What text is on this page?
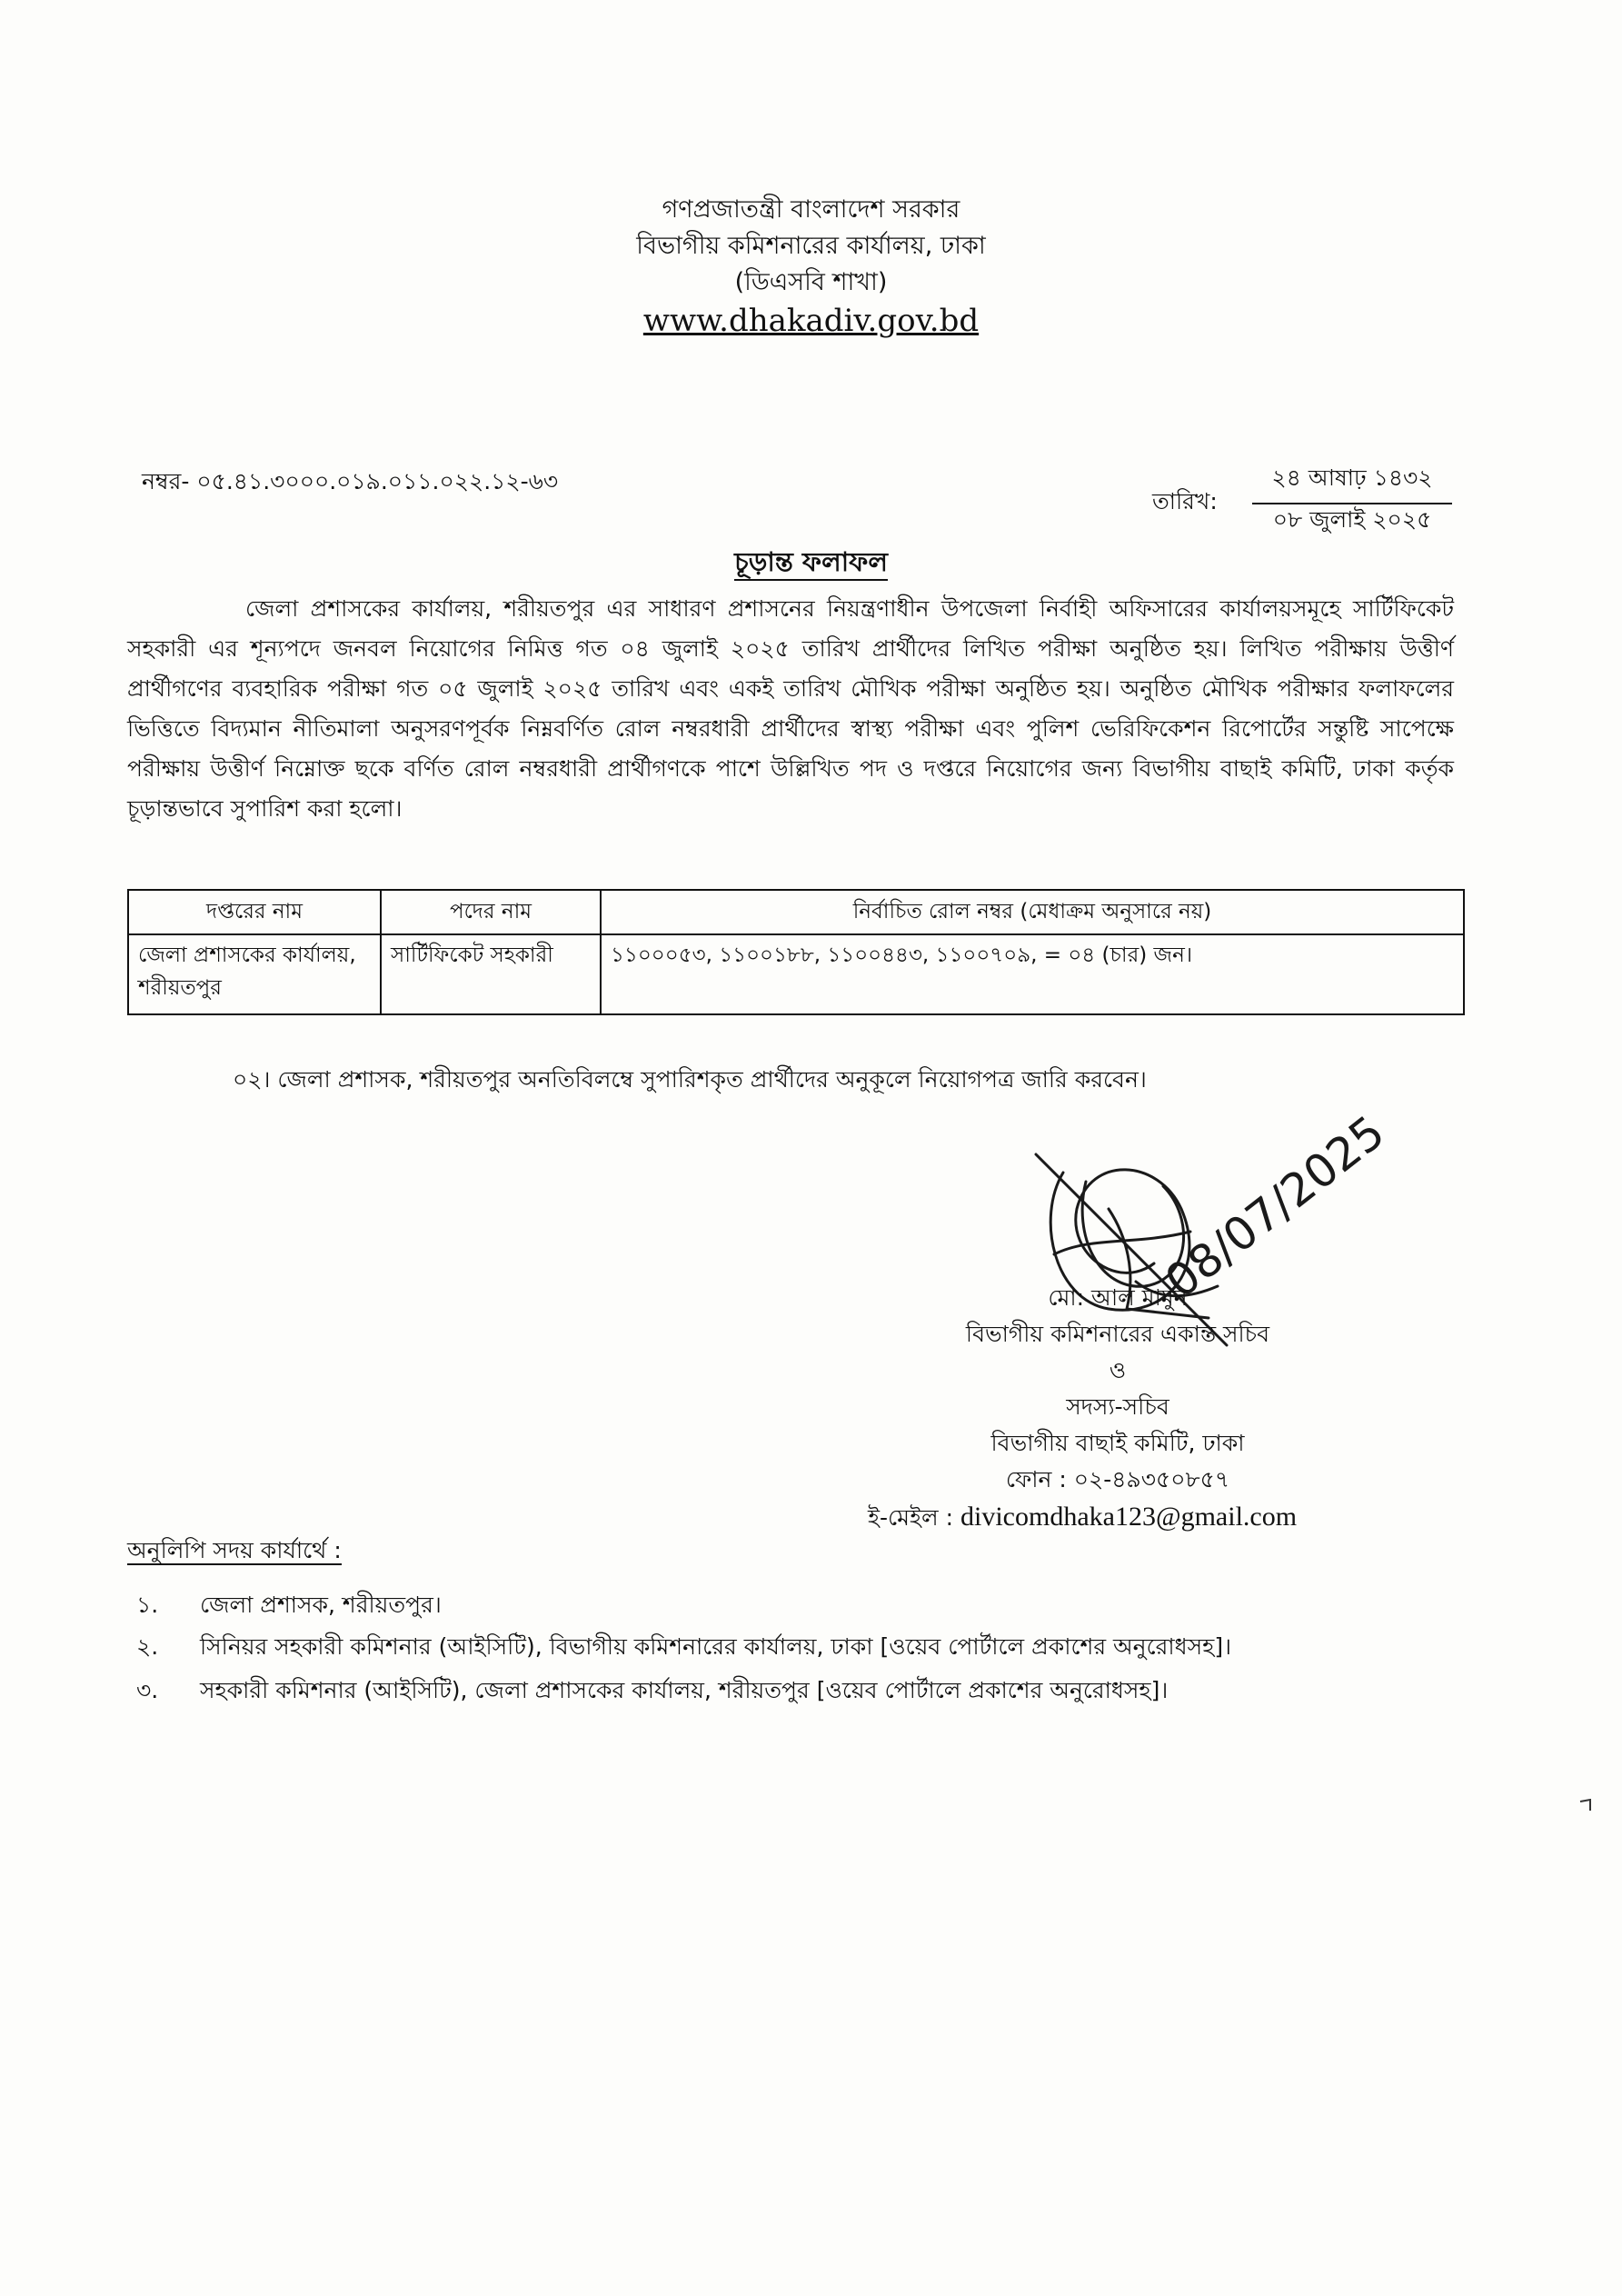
গণপ্রজাতন্ত্রী বাংলাদেশ সরকার
বিভাগীয় কমিশনারের কার্যালয়, ঢাকা
(ডিএসবি শাখা)
www.dhakadiv.gov.bd
নম্বর- ০৫.৪১.৩০০০.০১৯.০১১.০২২.১২-৬৩
তারিখ:
২৪ আষাঢ় ১৪৩২
০৮ জুলাই ২০২৫
চূড়ান্ত ফলাফল
জেলা প্রশাসকের কার্যালয়, শরীয়তপুর এর সাধারণ প্রশাসনের নিয়ন্ত্রণাধীন উপজেলা নির্বাহী অফিসারের কার্যালয়সমূহে সার্টিফিকেট সহকারী এর শূন্যপদে জনবল নিয়োগের নিমিত্ত গত ০৪ জুলাই ২০২৫ তারিখ প্রার্থীদের লিখিত পরীক্ষা অনুষ্ঠিত হয়। লিখিত পরীক্ষায় উত্তীর্ণ প্রার্থীগণের ব্যবহারিক পরীক্ষা গত ০৫ জুলাই ২০২৫ তারিখ এবং একই তারিখ মৌখিক পরীক্ষা অনুষ্ঠিত হয়। অনুষ্ঠিত মৌখিক পরীক্ষার ফলাফলের ভিত্তিতে বিদ্যমান নীতিমালা অনুসরণপূর্বক নিম্নবর্ণিত রোল নম্বরধারী প্রার্থীদের স্বাস্থ্য পরীক্ষা এবং পুলিশ ভেরিফিকেশন রিপোর্টের সন্তুষ্টি সাপেক্ষে পরীক্ষায় উত্তীর্ণ নিম্নোক্ত ছকে বর্ণিত রোল নম্বরধারী প্রার্থীগণকে পাশে উল্লিখিত পদ ও দপ্তরে নিয়োগের জন্য বিভাগীয় বাছাই কমিটি, ঢাকা কর্তৃক চূড়ান্তভাবে সুপারিশ করা হলো।
দপ্তরের নাম	পদের নাম	নির্বাচিত রোল নম্বর (মেধাক্রম অনুসারে নয়)
জেলা প্রশাসকের কার্যালয়, শরীয়তপুর	সার্টিফিকেট সহকারী	১১০০০৫৩, ১১০০১৮৮, ১১০০৪৪৩, ১১০০৭০৯, = ০৪ (চার) জন।
০২। জেলা প্রশাসক, শরীয়তপুর অনতিবিলম্বে সুপারিশকৃত প্রার্থীদের অনুকূলে নিয়োগপত্র জারি করবেন।
08/07/2025
মো: আল মামুন
বিভাগীয় কমিশনারের একান্ত সচিব
ও
সদস্য-সচিব
বিভাগীয় বাছাই কমিটি, ঢাকা
ফোন : ০২-৪৯৩৫০৮৫৭
ই-মেইল : divicomdhaka123@gmail.com
অনুলিপি সদয় কার্যার্থে :
১. জেলা প্রশাসক, শরীয়তপুর।
২. সিনিয়র সহকারী কমিশনার (আইসিটি), বিভাগীয় কমিশনারের কার্যালয়, ঢাকা [ওয়েব পোর্টালে প্রকাশের অনুরোধসহ]।
৩. সহকারী কমিশনার (আইসিটি), জেলা প্রশাসকের কার্যালয়, শরীয়তপুর [ওয়েব পোর্টালে প্রকাশের অনুরোধসহ]।
